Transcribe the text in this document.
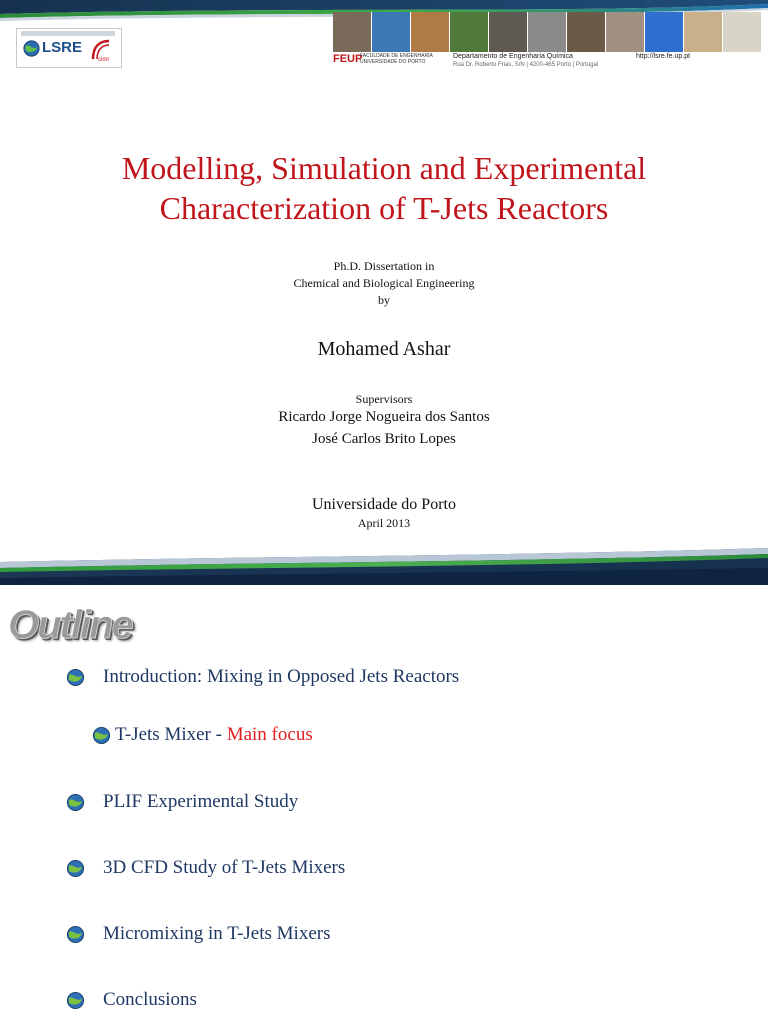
LSRE
cimr	FEUP
FACULDADE DE ENGENHARIA
UNIVERSIDADE DO PORTO
Departamento de Engenharia Química
Rua Dr. Roberto Frias, S/N | 4200-465 Porto | Portugal
http://lsre.fe.up.pt
Modelling, Simulation and Experimental
Characterization of T-Jets Reactors
Ph.D. Dissertation in
Chemical and Biological Engineering
by
Mohamed Ashar
Supervisors
Ricardo Jorge Nogueira dos Santos
José Carlos Brito Lopes
Universidade do Porto
April 2013
Outline
Introduction: Mixing in Opposed Jets Reactors
T-Jets Mixer - Main focus
PLIF Experimental Study
3D CFD Study of T-Jets Mixers
Micromixing in T-Jets Mixers
Conclusions
